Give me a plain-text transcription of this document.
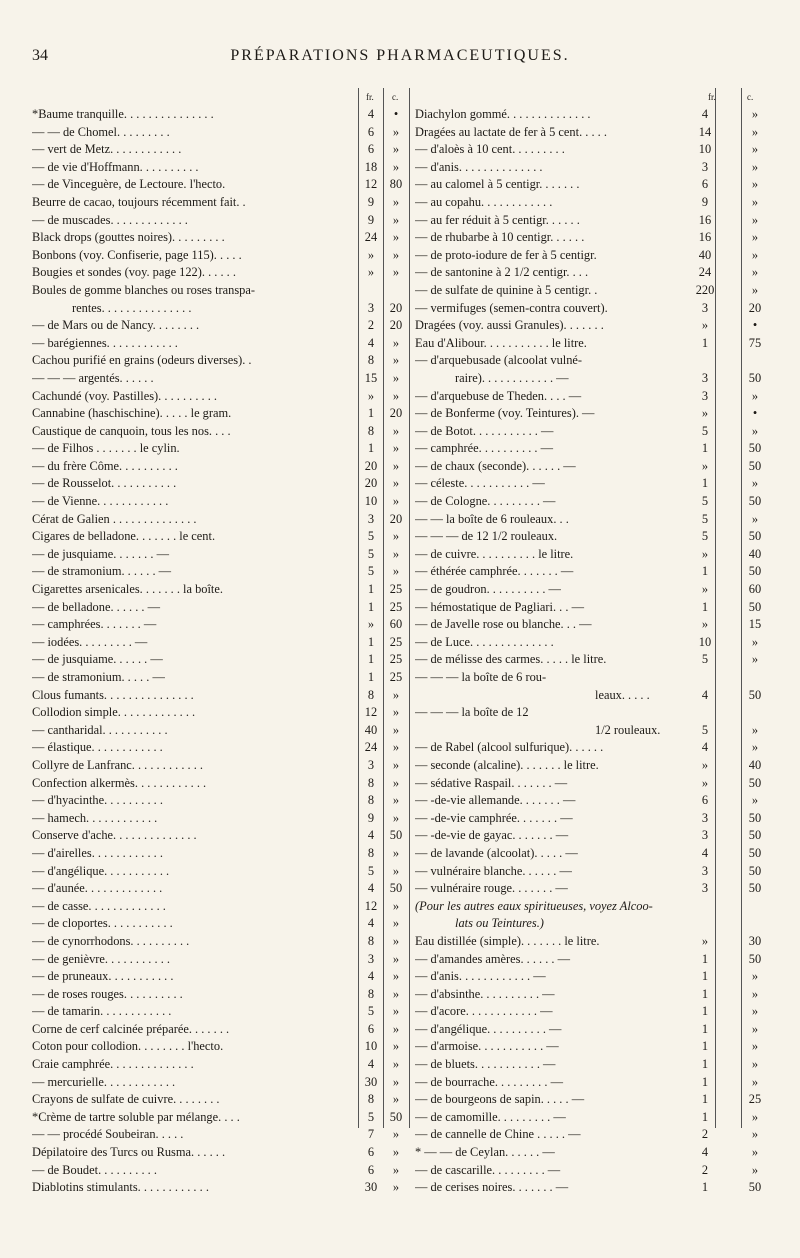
34	PRÉPARATIONS PHARMACEUTIQUES.
fr. c.
*Baume tranquille. . . . . . . . . . . . . . .	4	•
— — de Chomel. . . . . . . . .	6	»
— vert de Metz. . . . . . . . . . . .	6	»
— de vie d'Hoffmann. . . . . . . . . .	18	»
— de Vinceguère, de Lectoure. l'hecto.	12	80
Beurre de cacao, toujours récemment fait. .	9	»
— de muscades. . . . . . . . . . . . .	9	»
Black drops (gouttes noires). . . . . . . . .	24	»
Bonbons (voy. Confiserie, page 115). . . . .	»	»
Bougies et sondes (voy. page 122). . . . . .	»	»
Boules de gomme blanches ou roses transpa-
rentes. . . . . . . . . . . . . . .	3	20
— de Mars ou de Nancy. . . . . . . .	2	20
— barégiennes. . . . . . . . . . . .	4	»
Cachou purifié en grains (odeurs diverses). .	8	»
— — — argentés. . . . . .	15	»
Cachundé (voy. Pastilles). . . . . . . . . .	»	»
Cannabine (haschischine). . . . . le gram.	1	20
Caustique de canquoin, tous les nos. . . .	8	»
— de Filhos . . . . . . . le cylin.	1	»
— du frère Côme. . . . . . . . . .	20	»
— de Rousselot. . . . . . . . . . .	20	»
— de Vienne. . . . . . . . . . . .	10	»
Cérat de Galien . . . . . . . . . . . . . .	3	20
Cigares de belladone. . . . . . . le cent.	5	»
— de jusquiame. . . . . . . —	5	»
— de stramonium. . . . . . —	5	»
Cigarettes arsenicales. . . . . . . la boîte.	1	25
— de belladone. . . . . . —	1	25
— camphrées. . . . . . . —	»	60
— iodées. . . . . . . . . —	1	25
— de jusquiame. . . . . . —	1	25
— de stramonium. . . . . —	1	25
Clous fumants. . . . . . . . . . . . . . .	8	»
Collodion simple. . . . . . . . . . . . .	12	»
— cantharidal. . . . . . . . . . .	40	»
— élastique. . . . . . . . . . . .	24	»
Collyre de Lanfranc. . . . . . . . . . . .	3	»
Confection alkermès. . . . . . . . . . . .	8	»
— d'hyacinthe. . . . . . . . . .	8	»
— hamech. . . . . . . . . . . .	9	»
Conserve d'ache. . . . . . . . . . . . . .	4	50
— d'airelles. . . . . . . . . . . .	8	»
— d'angélique. . . . . . . . . . .	5	»
— d'aunée. . . . . . . . . . . . .	4	50
— de casse. . . . . . . . . . . . .	12	»
— de cloportes. . . . . . . . . . .	4	»
— de cynorrhodons. . . . . . . . . .	8	»
— de genièvre. . . . . . . . . . .	3	»
— de pruneaux. . . . . . . . . . .	4	»
— de roses rouges. . . . . . . . . .	8	»
— de tamarin. . . . . . . . . . . .	5	»
Corne de cerf calcinée préparée. . . . . . .	6	»
Coton pour collodion. . . . . . . . l'hecto.	10	»
Craie camphrée. . . . . . . . . . . . . .	4	»
— mercurielle. . . . . . . . . . . .	30	»
Crayons de sulfate de cuivre. . . . . . . .	8	»
*Crème de tartre soluble par mélange. . . .	5	50
— — procédé Soubeiran. . . . .	7	»
Dépilatoire des Turcs ou Rusma. . . . . .	6	»
— de Boudet. . . . . . . . . .	6	»
Diablotins stimulants. . . . . . . . . . . .	30	»
fr.	c.
Diachylon gommé. . . . . . . . . . . . . .	4	»
Dragées au lactate de fer à 5 cent. . . . .	14	»
— d'aloès à 10 cent. . . . . . . . .	10	»
— d'anis. . . . . . . . . . . . . .	3	»
— au calomel à 5 centigr. . . . . . .	6	»
— au copahu. . . . . . . . . . . .	9	»
— au fer réduit à 5 centigr. . . . . .	16	»
— de rhubarbe à 10 centigr. . . . . .	16	»
— de proto-iodure de fer à 5 centigr.	40	»
— de santonine à 2 1/2 centigr. . . .	24	»
— de sulfate de quinine à 5 centigr. .	220	»
— vermifuges (semen-contra couvert).	3	20
Dragées (voy. aussi Granules). . . . . . .	»	•
Eau d'Alibour. . . . . . . . . . . le litre.	1	75
— d'arquebusade (alcoolat vulné-
raire). . . . . . . . . . . . —	3	50
— d'arquebuse de Theden. . . . —	3	»
— de Bonferme (voy. Teintures). —	»	•
— de Botot. . . . . . . . . . . —	5	»
— camphrée. . . . . . . . . . —	1	50
— de chaux (seconde). . . . . . —	»	50
— céleste. . . . . . . . . . . —	1	»
— de Cologne. . . . . . . . . —	5	50
— — la boîte de 6 rouleaux. . .	5	»
— — — de 12 1/2 rouleaux.	5	50
— de cuivre. . . . . . . . . . le litre.	»	40
— éthérée camphrée. . . . . . . —	1	50
— de goudron. . . . . . . . . . —	»	60
— hémostatique de Pagliari. . . —	1	50
— de Javelle rose ou blanche. . . —	»	15
— de Luce. . . . . . . . . . . . . .	10	»
— de mélisse des carmes. . . . . le litre.	5	»
— — — la boîte de 6 rou-
leaux. . . . .	4	50
— — — la boîte de 12
1/2 rouleaux.	5	»
— de Rabel (alcool sulfurique). . . . . .	4	»
— seconde (alcaline). . . . . . . le litre.	»	40
— sédative Raspail. . . . . . . —	»	50
— -de-vie allemande. . . . . . . —	6	»
— -de-vie camphrée. . . . . . . —	3	50
— -de-vie de gayac. . . . . . . —	3	50
— de lavande (alcoolat). . . . . —	4	50
— vulnéraire blanche. . . . . . —	3	50
— vulnéraire rouge. . . . . . . —	3	50
(Pour les autres eaux spiritueuses, voyez Alcoo-
lats ou Teintures.)
Eau distillée (simple). . . . . . . le litre.	»	30
— d'amandes amères. . . . . . —	1	50
— d'anis. . . . . . . . . . . . —	1	»
— d'absinthe. . . . . . . . . . —	1	»
— d'acore. . . . . . . . . . . . —	1	»
— d'angélique. . . . . . . . . . —	1	»
— d'armoise. . . . . . . . . . . —	1	»
— de bluets. . . . . . . . . . . —	1	»
— de bourrache. . . . . . . . . —	1	»
— de bourgeons de sapin. . . . . —	1	25
— de camomille. . . . . . . . . —	1	»
— de cannelle de Chine . . . . . —	2	»
* — — de Ceylan. . . . . . —	4	»
— de cascarille. . . . . . . . . —	2	»
— de cerises noires. . . . . . . —	1	50
